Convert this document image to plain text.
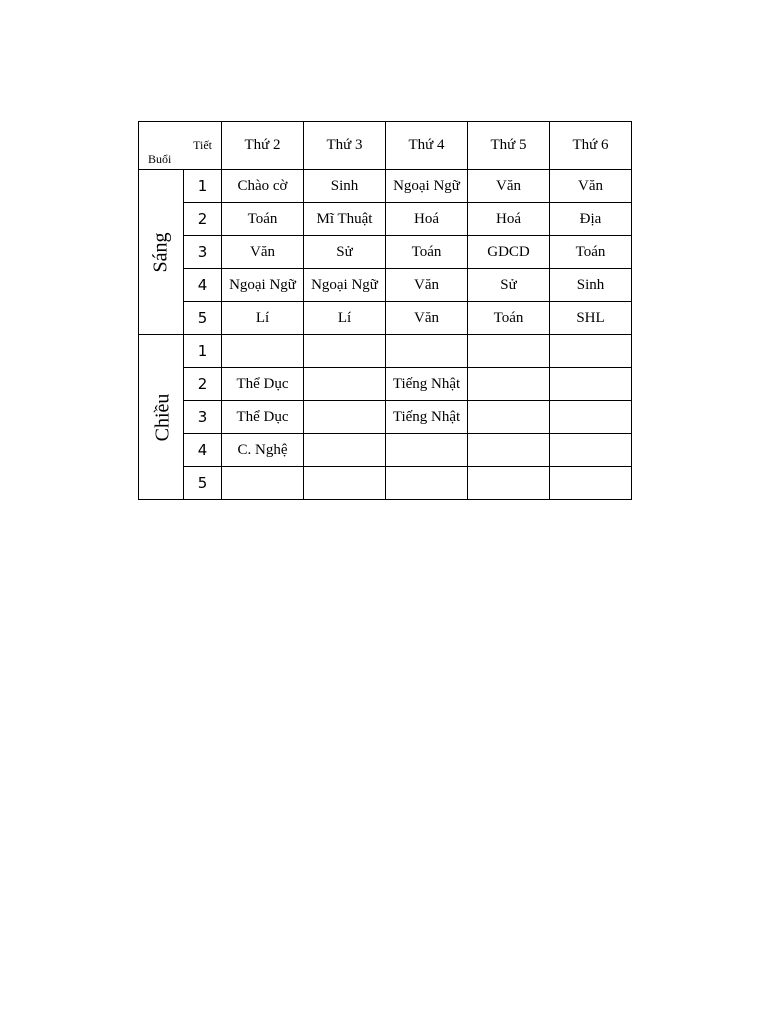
Tiết
Buổi		Thứ 2	Thứ 3	Thứ 4	Thứ 5	Thứ 6
Sáng	1	Chào cờ	Sinh	Ngoại Ngữ	Văn	Văn
	2	Toán	Mĩ Thuật	Hoá	Hoá	Địa
	3	Văn	Sử	Toán	GDCD	Toán
	4	Ngoại Ngữ	Ngoại Ngữ	Văn	Sử	Sinh
	5	Lí	Lí	Văn	Toán	SHL
Chiều	1					
	2	Thể Dục		Tiếng Nhật		
	3	Thể Dục		Tiếng Nhật		
	4	C. Nghệ				
	5					
